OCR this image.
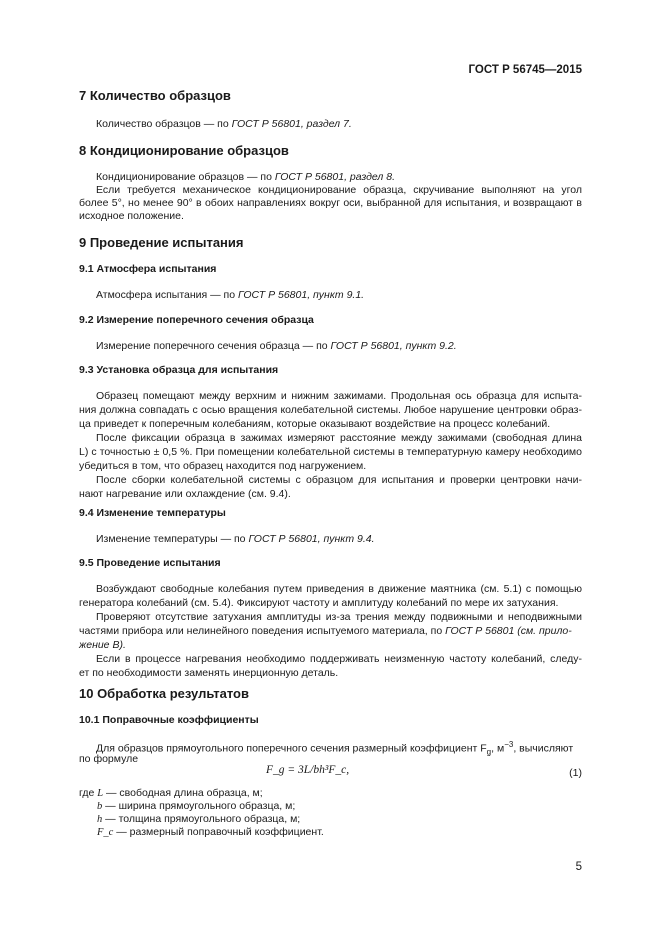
ГОСТ Р 56745—2015
7 Количество образцов
Количество образцов — по ГОСТ Р 56801, раздел 7.
8 Кондиционирование образцов
Кондиционирование образцов — по ГОСТ Р 56801, раздел 8.
Если требуется механическое кондиционирование образца, скручивание выполняют на угол
более 5°, но менее 90° в обоих направлениях вокруг оси, выбранной для испытания, и возвращают в
исходное положение.
9 Проведение испытания
9.1 Атмосфера испытания
Атмосфера испытания — по ГОСТ Р 56801, пункт 9.1.
9.2 Измерение поперечного сечения образца
Измерение поперечного сечения образца — по ГОСТ Р 56801, пункт 9.2.
9.3 Установка образца для испытания
Образец помещают между верхним и нижним зажимами. Продольная ось образца для испыта-
ния должна совпадать с осью вращения колебательной системы. Любое нарушение центровки образ-
ца приведет к поперечным колебаниям, которые оказывают воздействие на процесс колебаний.
После фиксации образца в зажимах измеряют расстояние между зажимами (свободная длина
L) с точностью ± 0,5 %. При помещении колебательной системы в температурную камеру необходимо
убедиться в том, что образец находится под нагружением.
После сборки колебательной системы с образцом для испытания и проверки центровки начи-
нают нагревание или охлаждение (см. 9.4).
9.4 Изменение температуры
Изменение температуры — по ГОСТ Р 56801, пункт 9.4.
9.5 Проведение испытания
Возбуждают свободные колебания путем приведения в движение маятника (см. 5.1) с помощью
генератора колебаний (см. 5.4). Фиксируют частоту и амплитуду колебаний по мере их затухания.
Проверяют отсутствие затухания амплитуды из-за трения между подвижными и неподвижными
частями прибора или нелинейного поведения испытуемого материала, по ГОСТ Р 56801 (см. прило-
жение В).
Если в процессе нагревания необходимо поддерживать неизменную частоту колебаний, следу-
ет по необходимости заменять инерционную деталь.
10 Обработка результатов
10.1 Поправочные коэффициенты
Для образцов прямоугольного поперечного сечения размерный коэффициент $F_g$, $м^{-3}$, вычисляют
по формуле
F_g = 3L/bh³F_c,	(1)
где L — свободная длина образца, м;
b — ширина прямоугольного образца, м;
h — толщина прямоугольного образца, м;
F_c — размерный поправочный коэффициент.
5
